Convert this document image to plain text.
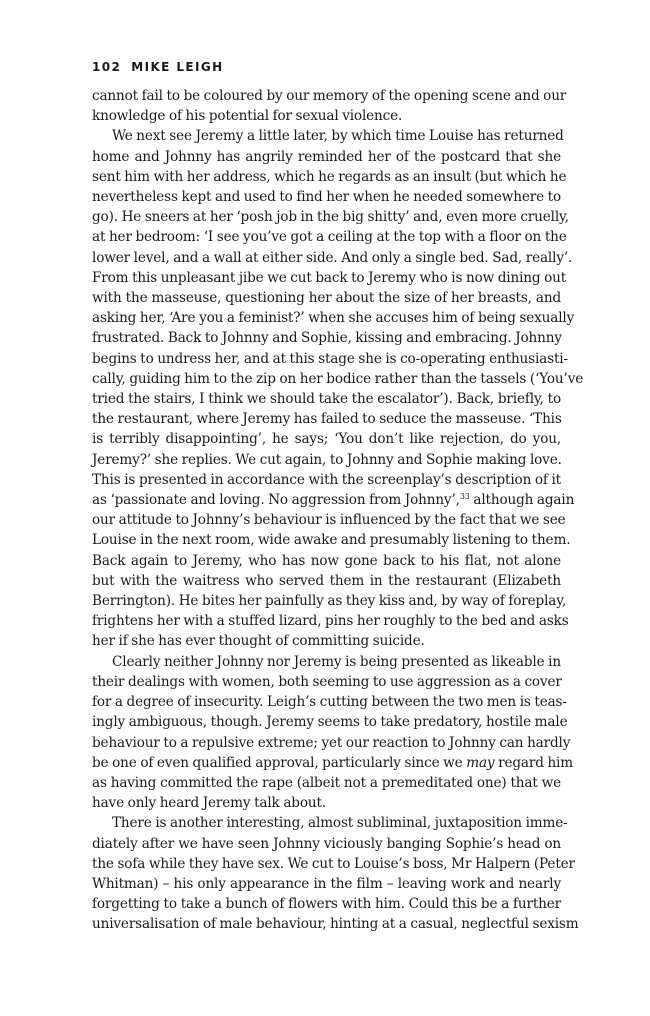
102 MIKE LEIGH
cannot fail to be coloured by our memory of the opening scene and our
knowledge of his potential for sexual violence.
We next see Jeremy a little later, by which time Louise has returned
home and Johnny has angrily reminded her of the postcard that she
sent him with her address, which he regards as an insult (but which he
nevertheless kept and used to find her when he needed somewhere to
go). He sneers at her ‘posh job in the big shitty’ and, even more cruelly,
at her bedroom: ‘I see you’ve got a ceiling at the top with a floor on the
lower level, and a wall at either side. And only a single bed. Sad, really’.
From this unpleasant jibe we cut back to Jeremy who is now dining out
with the masseuse, questioning her about the size of her breasts, and
asking her, ‘Are you a feminist?’ when she accuses him of being sexually
frustrated. Back to Johnny and Sophie, kissing and embracing. Johnny
begins to undress her, and at this stage she is co-operating enthusiasti-
cally, guiding him to the zip on her bodice rather than the tassels (‘You’ve
tried the stairs, I think we should take the escalator’). Back, briefly, to
the restaurant, where Jeremy has failed to seduce the masseuse. ‘This
is terribly disappointing’, he says; ‘You don’t like rejection, do you,
Jeremy?’ she replies. We cut again, to Johnny and Sophie making love.
This is presented in accordance with the screenplay’s description of it
as ‘passionate and loving. No aggression from Johnny’,$^{33}$ although again
our attitude to Johnny’s behaviour is influenced by the fact that we see
Louise in the next room, wide awake and presumably listening to them.
Back again to Jeremy, who has now gone back to his flat, not alone
but with the waitress who served them in the restaurant (Elizabeth
Berrington). He bites her painfully as they kiss and, by way of foreplay,
frightens her with a stuffed lizard, pins her roughly to the bed and asks
her if she has ever thought of committing suicide.
Clearly neither Johnny nor Jeremy is being presented as likeable in
their dealings with women, both seeming to use aggression as a cover
for a degree of insecurity. Leigh’s cutting between the two men is teas-
ingly ambiguous, though. Jeremy seems to take predatory, hostile male
behaviour to a repulsive extreme; yet our reaction to Johnny can hardly
be one of even qualified approval, particularly since we may regard him
as having committed the rape (albeit not a premeditated one) that we
have only heard Jeremy talk about.
There is another interesting, almost subliminal, juxtaposition imme-
diately after we have seen Johnny viciously banging Sophie’s head on
the sofa while they have sex. We cut to Louise’s boss, Mr Halpern (Peter
Whitman) – his only appearance in the film – leaving work and nearly
forgetting to take a bunch of flowers with him. Could this be a further
universalisation of male behaviour, hinting at a casual, neglectful sexism
